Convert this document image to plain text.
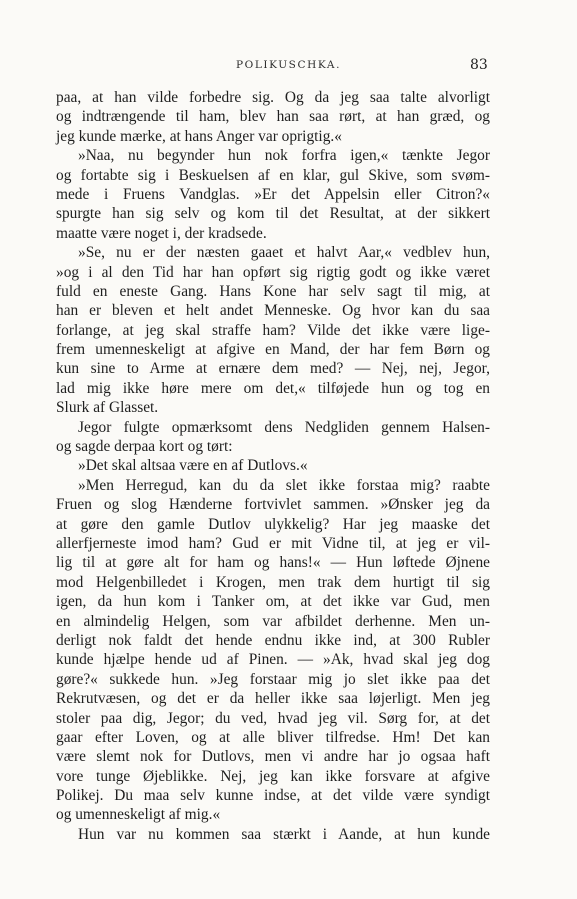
POLIKUSCHKA.	83
paa, at han vilde forbedre sig. Og da jeg saa talte alvorligt
og indtrængende til ham, blev han saa rørt, at han græd, og
jeg kunde mærke, at hans Anger var oprigtig.«
»Naa, nu begynder hun nok forfra igen,« tænkte Jegor
og fortabte sig i Beskuelsen af en klar, gul Skive, som svøm-
mede i Fruens Vandglas. »Er det Appelsin eller Citron?«
spurgte han sig selv og kom til det Resultat, at der sikkert
maatte være noget i, der kradsede.
»Se, nu er der næsten gaaet et halvt Aar,« vedblev hun,
»og i al den Tid har han opført sig rigtig godt og ikke været
fuld en eneste Gang. Hans Kone har selv sagt til mig, at
han er bleven et helt andet Menneske. Og hvor kan du saa
forlange, at jeg skal straffe ham? Vilde det ikke være lige-
frem umenneskeligt at afgive en Mand, der har fem Børn og
kun sine to Arme at ernære dem med? — Nej, nej, Jegor,
lad mig ikke høre mere om det,« tilføjede hun og tog en
Slurk af Glasset.
Jegor fulgte opmærksomt dens Nedgliden gennem Halsen-
og sagde derpaa kort og tørt:
»Det skal altsaa være en af Dutlovs.«
»Men Herregud, kan du da slet ikke forstaa mig? raabte
Fruen og slog Hænderne fortvivlet sammen. »Ønsker jeg da
at gøre den gamle Dutlov ulykkelig? Har jeg maaske det
allerfjerneste imod ham? Gud er mit Vidne til, at jeg er vil-
lig til at gøre alt for ham og hans!« — Hun løftede Øjnene
mod Helgenbilledet i Krogen, men trak dem hurtigt til sig
igen, da hun kom i Tanker om, at det ikke var Gud, men
en almindelig Helgen, som var afbildet derhenne. Men un-
derligt nok faldt det hende endnu ikke ind, at 300 Rubler
kunde hjælpe hende ud af Pinen. — »Ak, hvad skal jeg dog
gøre?« sukkede hun. »Jeg forstaar mig jo slet ikke paa det
Rekrutvæsen, og det er da heller ikke saa løjerligt. Men jeg
stoler paa dig, Jegor; du ved, hvad jeg vil. Sørg for, at det
gaar efter Loven, og at alle bliver tilfredse. Hm! Det kan
være slemt nok for Dutlovs, men vi andre har jo ogsaa haft
vore tunge Øjeblikke. Nej, jeg kan ikke forsvare at afgive
Polikej. Du maa selv kunne indse, at det vilde være syndigt
og umenneskeligt af mig.«
Hun var nu kommen saa stærkt i Aande, at hun kunde
